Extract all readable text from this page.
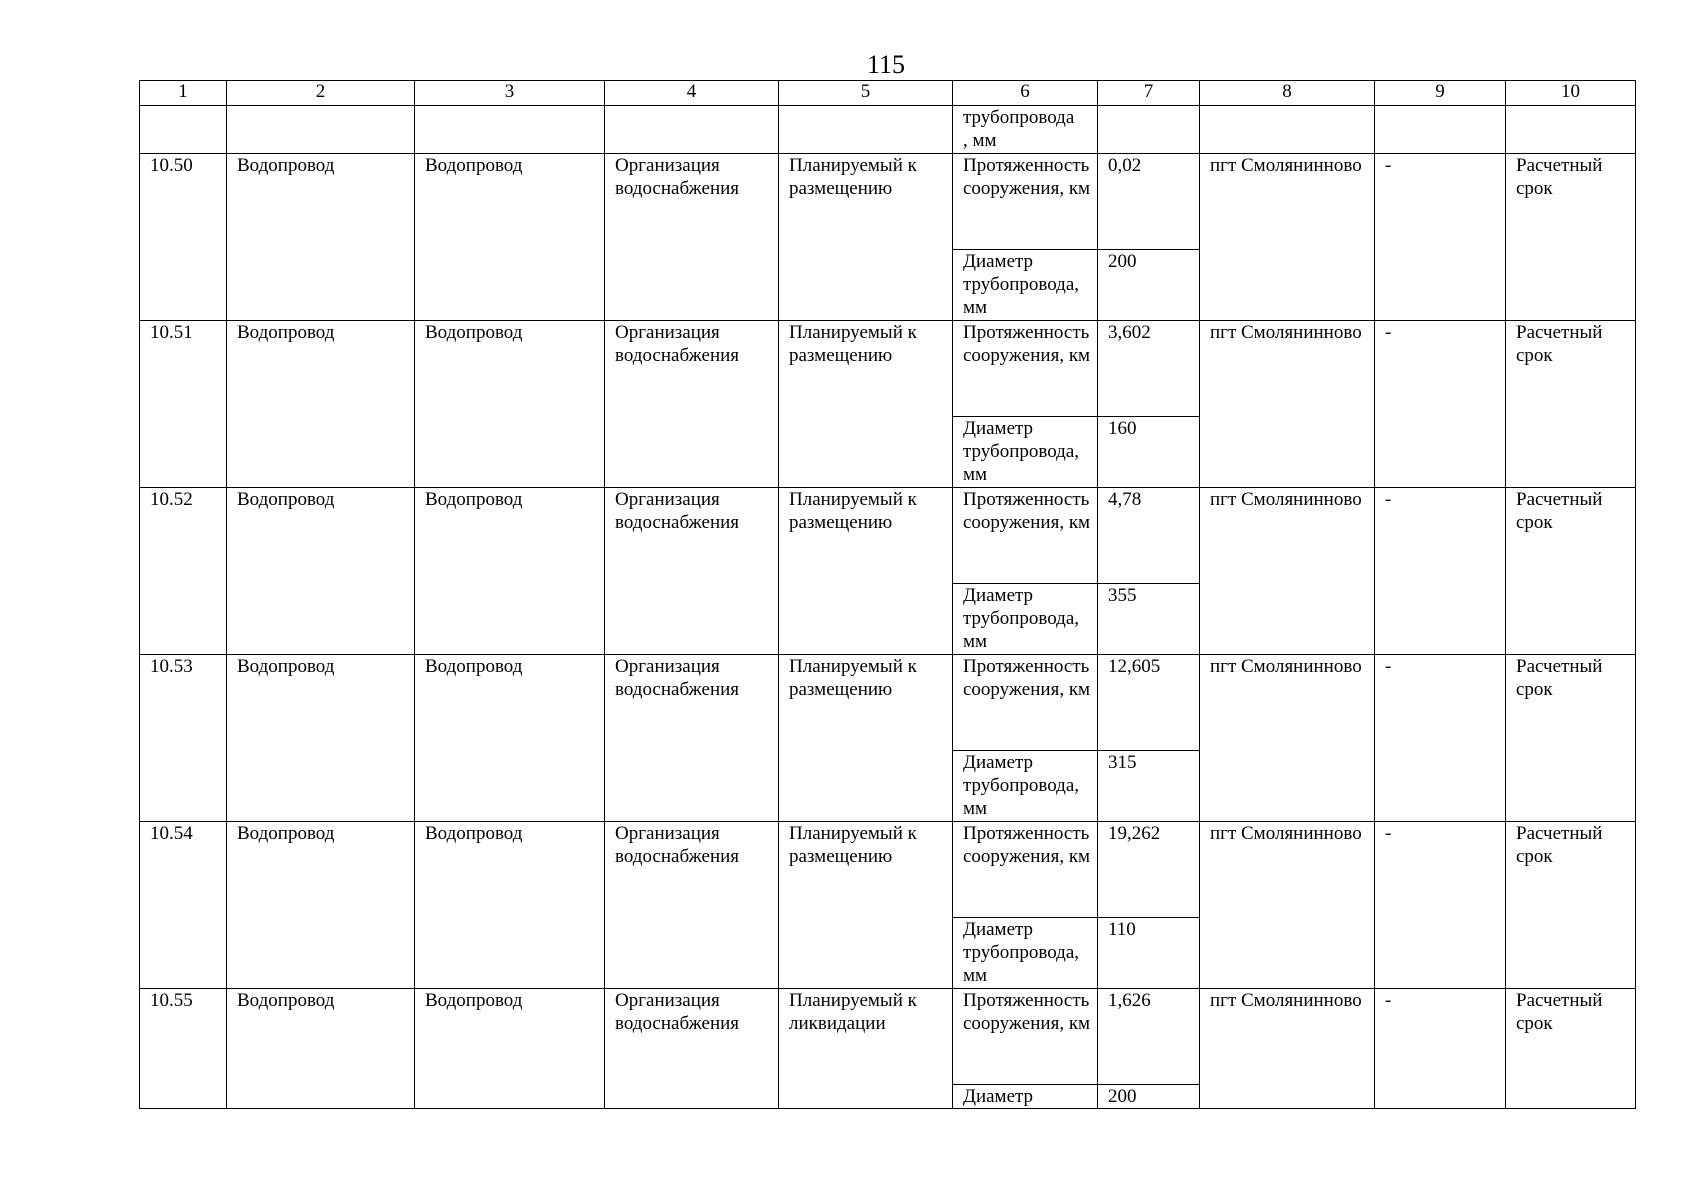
115
1	2	3	4	5	6	7	8	9	10
					трубопровода
, мм				
10.50	Водопровод	Водопровод	Организация водоснабжения	Планируемый к размещению	Протяженность сооружения, км	0,02	пгт Смолянинново	-	Расчетный срок
					Диаметр трубопровода, мм	200			
10.51	Водопровод	Водопровод	Организация водоснабжения	Планируемый к размещению	Протяженность сооружения, км	3,602	пгт Смолянинново	-	Расчетный срок
					Диаметр трубопровода, мм	160			
10.52	Водопровод	Водопровод	Организация водоснабжения	Планируемый к размещению	Протяженность сооружения, км	4,78	пгт Смолянинново	-	Расчетный срок
					Диаметр трубопровода, мм	355			
10.53	Водопровод	Водопровод	Организация водоснабжения	Планируемый к размещению	Протяженность сооружения, км	12,605	пгт Смолянинново	-	Расчетный срок
					Диаметр трубопровода, мм	315			
10.54	Водопровод	Водопровод	Организация водоснабжения	Планируемый к размещению	Протяженность сооружения, км	19,262	пгт Смолянинново	-	Расчетный срок
					Диаметр трубопровода, мм	110			
10.55	Водопровод	Водопровод	Организация водоснабжения	Планируемый к ликвидации	Протяженность сооружения, км	1,626	пгт Смолянинново	-	Расчетный срок
					Диаметр	200			
